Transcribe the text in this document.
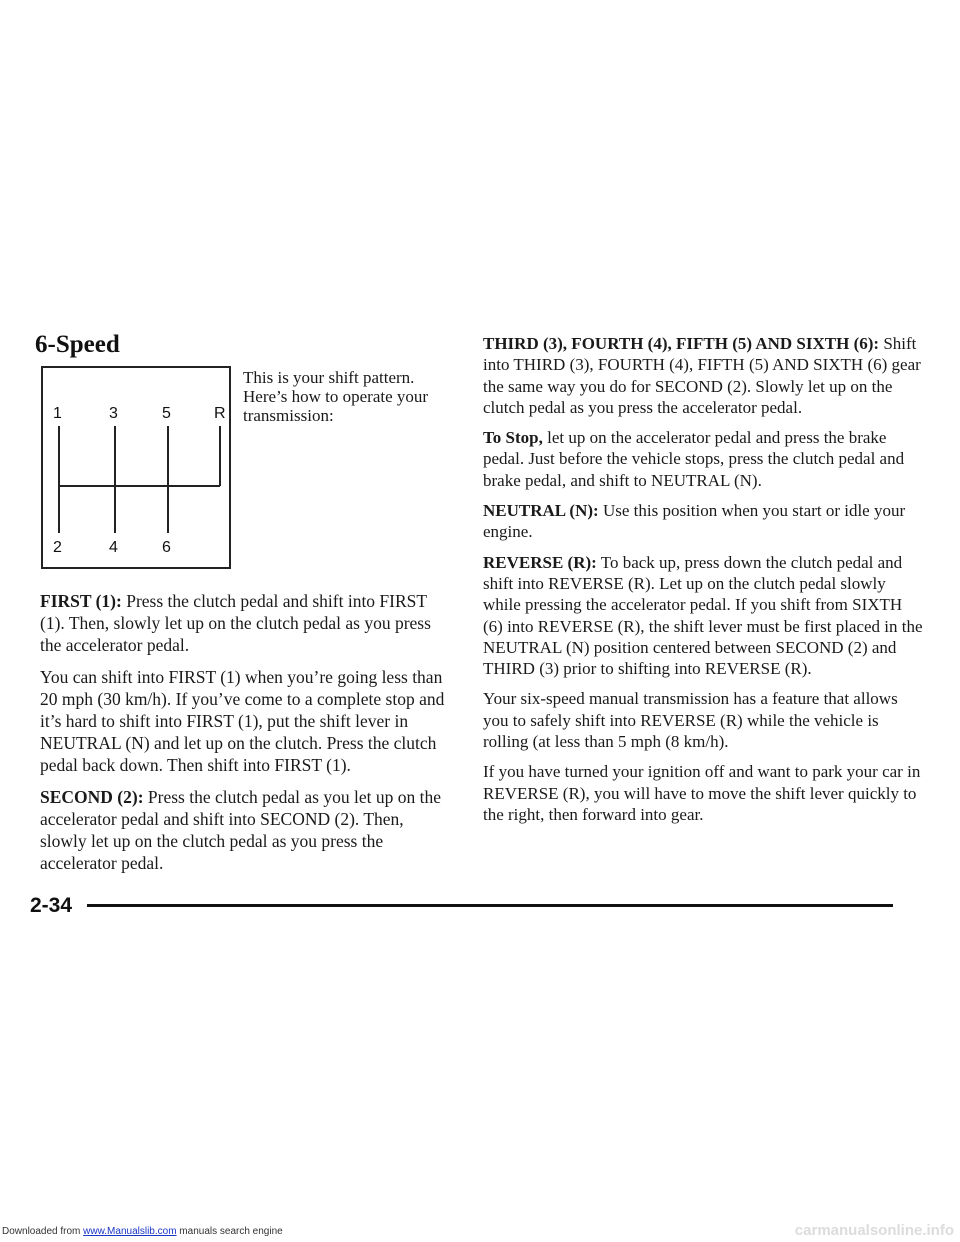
6-Speed
1	3	5	R
2	4	6

This is your shift pattern. Here’s how to operate your transmission:

FIRST (1): Press the clutch pedal and shift into FIRST (1). Then, slowly let up on the clutch pedal as you press the accelerator pedal.

You can shift into FIRST (1) when you’re going less than 20 mph (30 km/h). If you’ve come to a complete stop and it’s hard to shift into FIRST (1), put the shift lever in NEUTRAL (N) and let up on the clutch. Press the clutch pedal back down. Then shift into FIRST (1).

SECOND (2): Press the clutch pedal as you let up on the accelerator pedal and shift into SECOND (2). Then, slowly let up on the clutch pedal as you press the accelerator pedal.

THIRD (3), FOURTH (4), FIFTH (5) AND SIXTH (6): Shift into THIRD (3), FOURTH (4), FIFTH (5) AND SIXTH (6) gear the same way you do for SECOND (2). Slowly let up on the clutch pedal as you press the accelerator pedal.

To Stop, let up on the accelerator pedal and press the brake pedal. Just before the vehicle stops, press the clutch pedal and brake pedal, and shift to NEUTRAL (N).

NEUTRAL (N): Use this position when you start or idle your engine.

REVERSE (R): To back up, press down the clutch pedal and shift into REVERSE (R). Let up on the clutch pedal slowly while pressing the accelerator pedal. If you shift from SIXTH (6) into REVERSE (R), the shift lever must be first placed in the NEUTRAL (N) position centered between SECOND (2) and THIRD (3) prior to shifting into REVERSE (R).

Your six-speed manual transmission has a feature that allows you to safely shift into REVERSE (R) while the vehicle is rolling (at less than 5 mph (8 km/h).

If you have turned your ignition off and want to park your car in REVERSE (R), you will have to move the shift lever quickly to the right, then forward into gear.

2-34

Downloaded from www.Manualslib.com manuals search engine	carmanualsonline.info
